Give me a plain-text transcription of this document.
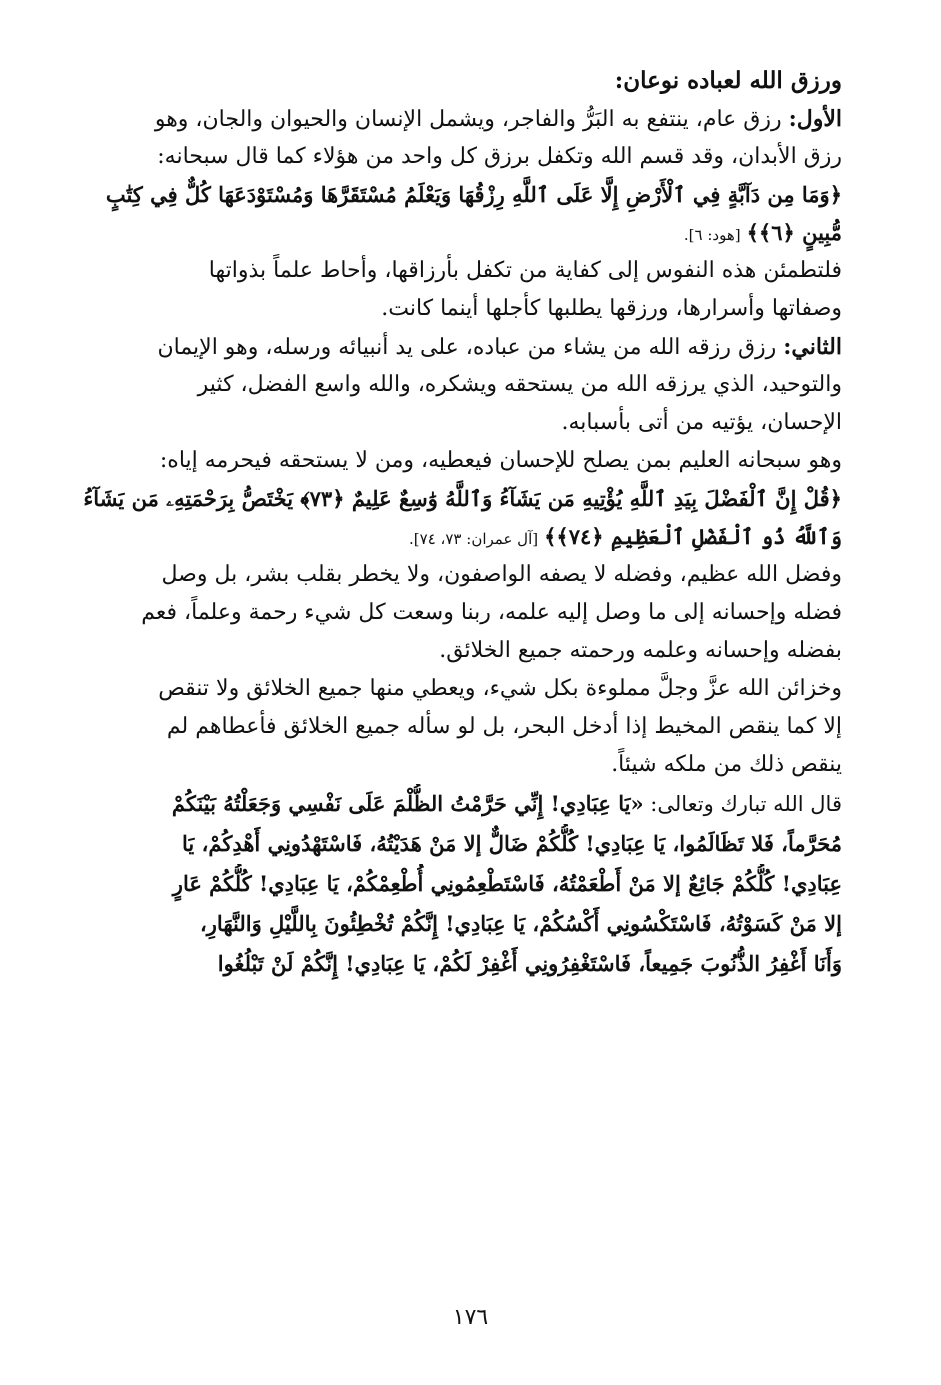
ورزق الله لعباده نوعان:

الأول: رزق عام، ينتفع به البَرُّ والفاجر، ويشمل الإنسان والحيوان والجان، وهو

رزق الأبدان، وقد قسم الله وتكفل برزق كل واحد من هؤلاء كما قال سبحانه:

﴿وَمَا مِن دَآبَّةٍ فِي ٱلْأَرْضِ إِلَّا عَلَى ٱللَّهِ رِزْقُهَا وَيَعْلَمُ مُسْتَقَرَّهَا وَمُسْتَوْدَعَهَا كُلٌّ فِي كِتَٰبٍ

مُّبِينٍ ﴿٦﴾﴾[هود: ٦].

فلتطمئن هذه النفوس إلى كفاية من تكفل بأرزاقها، وأحاط علماً بذواتها

وصفاتها وأسرارها، ورزقها يطلبها كأجلها أينما كانت.

الثاني: رزق رزقه الله من يشاء من عباده، على يد أنبيائه ورسله، وهو الإيمان

والتوحيد، الذي يرزقه الله من يستحقه ويشكره، والله واسع الفضل، كثير

الإحسان، يؤتيه من أتى بأسبابه.

وهو سبحانه العليم بمن يصلح للإحسان فيعطيه، ومن لا يستحقه فيحرمه إياه:

﴿قُلْ إِنَّ ٱلْفَضْلَ بِيَدِ ٱللَّهِ يُؤْتِيهِ مَن يَشَآءُ وَٱللَّهُ وَٰسِعٌ عَلِيمٌ ﴿٧٣﴾ يَخْتَصُّ بِرَحْمَتِهِۦ مَن يَشَآءُ

وَٱللَّهُ ذُو ٱلْفَضْلِ ٱلْعَظِيمِ ﴿٧٤﴾﴾[آل عمران: ٧٣، ٧٤].

وفضل الله عظيم، وفضله لا يصفه الواصفون، ولا يخطر بقلب بشر، بل وصل

فضله وإحسانه إلى ما وصل إليه علمه، ربنا وسعت كل شيء رحمة وعلماً، فعم

بفضله وإحسانه وعلمه ورحمته جميع الخلائق.

وخزائن الله عزَّ وجلَّ مملوءة بكل شيء، ويعطي منها جميع الخلائق ولا تنقص

إلا كما ينقص المخيط إذا أدخل البحر، بل لو سأله جميع الخلائق فأعطاهم لم

ينقص ذلك من ملكه شيئاً.

قال الله تبارك وتعالى: «يَا عِبَادِي! إِنِّي حَرَّمْتُ الظُّلْمَ عَلَى نَفْسِي وَجَعَلْتُهُ بَيْنَكُمْ

مُحَرَّماً، فَلا تَظَالَمُوا، يَا عِبَادِي! كُلُّكُمْ ضَالٌّ إلا مَنْ هَدَيْتُهُ، فَاسْتَهْدُونِي أَهْدِكُمْ، يَا

عِبَادِي! كُلُّكُمْ جَائِعٌ إلا مَنْ أَطْعَمْتُهُ، فَاسْتَطْعِمُونِي أُطْعِمْكُمْ، يَا عِبَادِي! كُلُّكُمْ عَارٍ

إلا مَنْ كَسَوْتُهُ، فَاسْتَكْسُونِي أَكْسُكُمْ، يَا عِبَادِي! إِنَّكُمْ تُخْطِئُونَ بِاللَّيْلِ وَالنَّهَارِ،

وَأَنَا أَغْفِرُ الذُّنُوبَ جَمِيعاً، فَاسْتَغْفِرُونِي أَغْفِرْ لَكُمْ، يَا عِبَادِي! إِنَّكُمْ لَنْ تَبْلُغُوا

١٧٦
